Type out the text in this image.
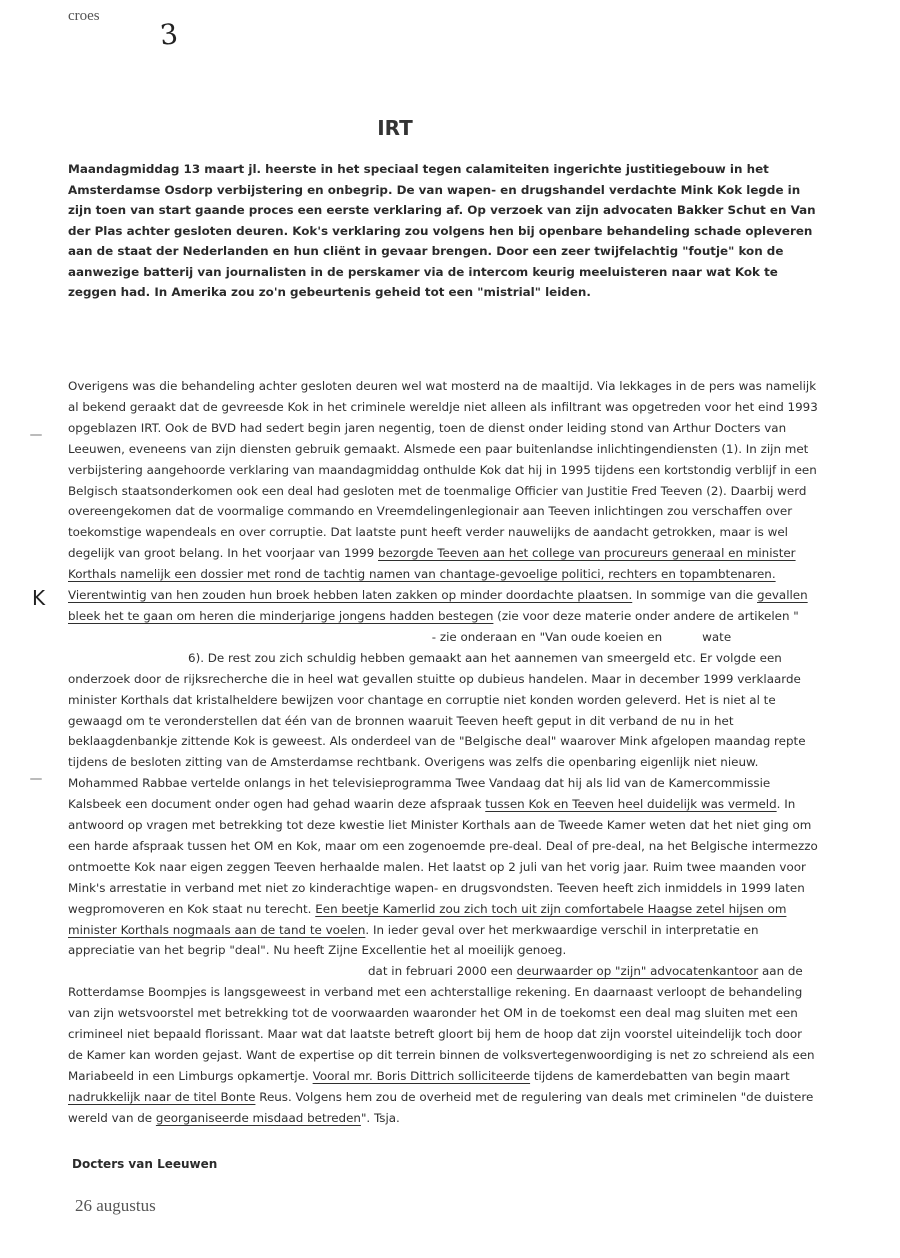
croes
3
IRT
Maandagmiddag 13 maart jl. heerste in het speciaal tegen calamiteiten ingerichte justitiegebouw in het Amsterdamse Osdorp verbijstering en onbegrip. De van wapen- en drugshandel verdachte Mink Kok legde in zijn toen van start gaande proces een eerste verklaring af. Op verzoek van zijn advocaten Bakker Schut en Van der Plas achter gesloten deuren. Kok's verklaring zou volgens hen bij openbare behandeling schade opleveren aan de staat der Nederlanden en hun cliënt in gevaar brengen. Door een zeer twijfelachtig "foutje" kon de aanwezige batterij van journalisten in de perskamer via de intercom keurig meeluisteren naar wat Kok te zeggen had. In Amerika zou zo'n gebeurtenis geheid tot een "mistrial" leiden.

Overigens was die behandeling achter gesloten deuren wel wat mosterd na de maaltijd. Via lekkages in de pers was namelijk al bekend geraakt dat de gevreesde Kok in het criminele wereldje niet alleen als infiltrant was opgetreden voor het eind 1993 opgeblazen IRT. Ook de BVD had sedert begin jaren negentig, toen de dienst onder leiding stond van Arthur Docters van Leeuwen, eveneens van zijn diensten gebruik gemaakt. Alsmede een paar buitenlandse inlichtingendiensten (1). In zijn met verbijstering aangehoorde verklaring van maandagmiddag onthulde Kok dat hij in 1995 tijdens een kortstondig verblijf in een Belgisch staatsonderkomen ook een deal had gesloten met de toenmalige Officier van Justitie Fred Teeven (2). Daarbij werd overeengekomen dat de voormalige commando en Vreemdelingenlegionair aan Teeven inlichtingen zou verschaffen over toekomstige wapendeals en over corruptie. Dat laatste punt heeft verder nauwelijks de aandacht getrokken, maar is wel degelijk van groot belang. In het voorjaar van 1999 bezorgde Teeven aan het college van procureurs generaal en minister Korthals namelijk een dossier met rond de tachtig namen van chantage-gevoelige politici, rechters en topambtenaren. Vierentwintig van hen zouden hun broek hebben laten zakken op minder doordachte plaatsen. In sommige van die gevallen bleek het te gaan om heren die minderjarige jongens hadden bestegen (zie voor deze materie onder andere de artikelen " - zie onderaan en "Van oude koeien en	wate6). De rest zou zich schuldig hebben gemaakt aan het aannemen van smeergeld etc. Er volgde een onderzoek door de rijksrecherche die in heel wat gevallen stuitte op dubieus handelen. Maar in december 1999 verklaarde minister Korthals dat kristalheldere bewijzen voor chantage en corruptie niet konden worden geleverd. Het is niet al te gewaagd om te veronderstellen dat één van de bronnen waaruit Teeven heeft geput in dit verband de nu in het beklaagdenbankje zittende Kok is geweest. Als onderdeel van de "Belgische deal" waarover Mink afgelopen maandag repte tijdens de besloten zitting van de Amsterdamse rechtbank. Overigens was zelfs die openbaring eigenlijk niet nieuw. Mohammed Rabbae vertelde onlangs in het televisieprogramma Twee Vandaag dat hij als lid van de Kamercommissie Kalsbeek een document onder ogen had gehad waarin deze afspraak tussen Kok en Teeven heel duidelijk was vermeld. In antwoord op vragen met betrekking tot deze kwestie liet Minister Korthals aan de Tweede Kamer weten dat het niet ging om een harde afspraak tussen het OM en Kok, maar om een zogenoemde pre-deal. Deal of pre-deal, na het Belgische intermezzo ontmoette Kok naar eigen zeggen Teeven herhaalde malen. Het laatst op 2 juli van het vorig jaar. Ruim twee maanden voor Mink's arrestatie in verband met niet zo kinderachtige wapen- en drugsvondsten. Teeven heeft zich inmiddels in 1999 laten wegpromoveren en Kok staat nu terecht. Een beetje Kamerlid zou zich toch uit zijn comfortabele Haagse zetel hijsen om minister Korthals nogmaals aan de tand te voelen. In ieder geval over het merkwaardige verschil in interpretatie en appreciatie van het begrip "deal". Nu heeft Zijne Excellentie het al moeilijk genoeg.dat in februari 2000 een deurwaarder op "zijn" advocatenkantoor aan de Rotterdamse Boompjes is langsgeweest in verband met een achterstallige rekening. En daarnaast verloopt de behandeling van zijn wetsvoorstel met betrekking tot de voorwaarden waaronder het OM in de toekomst een deal mag sluiten met een crimineel niet bepaald florissant. Maar wat dat laatste betreft gloort bij hem de hoop dat zijn voorstel uiteindelijk toch door de Kamer kan worden gejast. Want de expertise op dit terrein binnen de volksvertegenwoordiging is net zo schreiend als een Mariabeeld in een Limburgs opkamertje. Vooral mr. Boris Dittrich solliciteerde tijdens de kamerdebatten van begin maart nadrukkelijk naar de titel Bonte Reus. Volgens hem zou de overheid met de regulering van deals met criminelen "de duistere wereld van de georganiseerde misdaad betreden". Tsja.

Docters van Leeuwen
26 augustus
K
